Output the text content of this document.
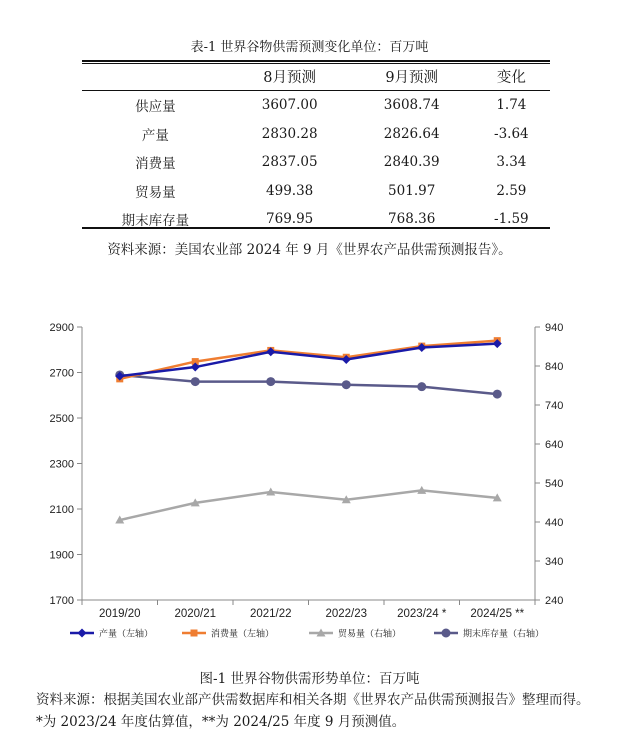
表-1 世界谷物供需预测变化单位：百万吨
	8月预测	9月预测	变化
供应量	3607.00	3608.74	1.74
产量	2830.28	2826.64	-3.64
消费量	2837.05	2840.39	3.34
贸易量	499.38	501.97	2.59
期末库存量	769.95	768.36	-1.59
资料来源：美国农业部 2024 年 9 月《世界农产品供需预测报告》。
1700
1900
2100
2300
2500
2700
2900
240
340
440
540
640
740
840
940
2019/20	2020/21	2021/22	2022/23	2023/24 * 2024/25 **
产量（左轴）	消费量（左轴）	贸易量（右轴）	期末库存量（右轴）
图-1 世界谷物供需形势单位：百万吨
资料来源：根据美国农业部产供需数据库和相关各期《世界农产品供需预测报告》整理而得。*为 2023/24 年度估算值，**为 2024/25 年度 9 月预测值。
